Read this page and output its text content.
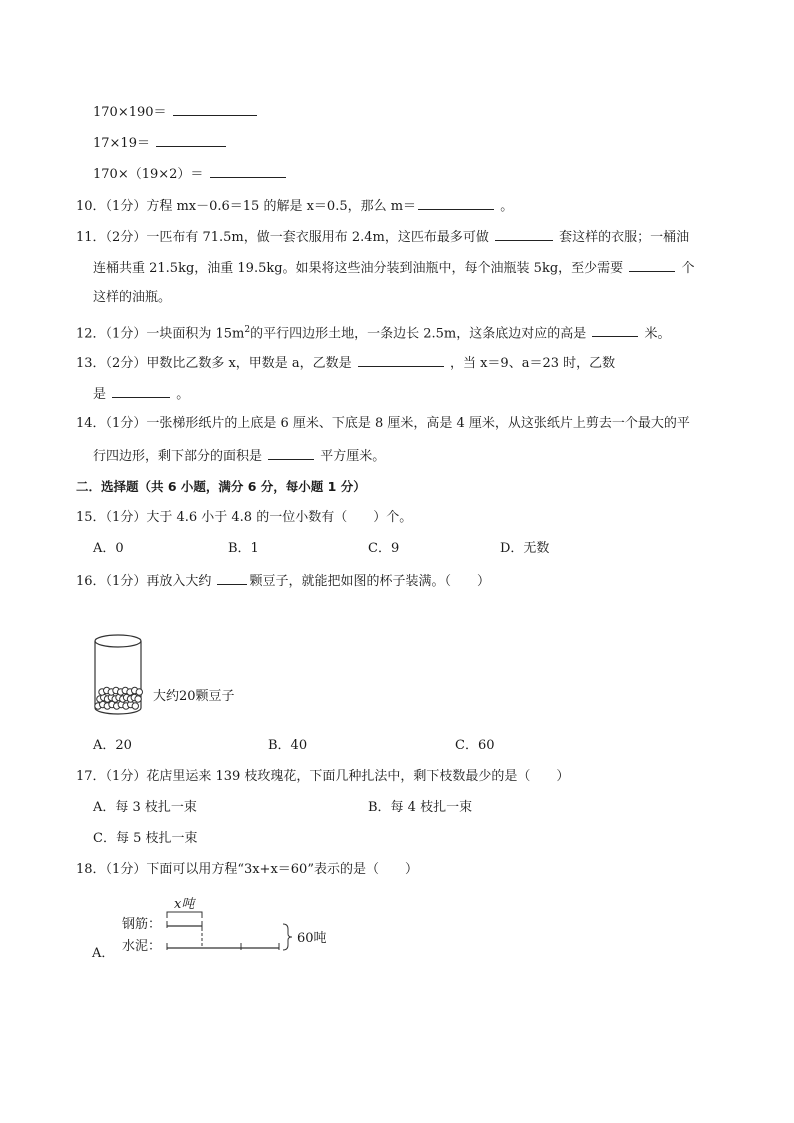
170×190＝
17×19＝
170×（19×2）＝
10．（1分）方程 mx－0.6＝15 的解是 x＝0.5，那么 m＝	。
11．（2分）一匹布有 71.5m，做一套衣服用布 2.4m，这匹布最多可做	套这样的衣服；一桶油
连桶共重 21.5kg，油重 19.5kg。如果将这些油分装到油瓶中，每个油瓶装 5kg，至少需要	个
这样的油瓶。
12．（1分）一块面积为 $15m^2$的平行四边形土地，一条边长 2.5m，这条底边对应的高是	米。
13．（2分）甲数比乙数多 x，甲数是 a，乙数是	，当 x＝9、a＝23 时，乙数
是	。
14．（1分）一张梯形纸片的上底是 6 厘米、下底是 8 厘米，高是 4 厘米，从这张纸片上剪去一个最大的平
行四边形，剩下部分的面积是	平方厘米。
二．选择题（共 6 小题，满分 6 分，每小题 1 分）
15．（1分）大于 4.6 小于 4.8 的一位小数有（　　）个。
A．0	B．1	C．9	D．无数
16．（1分）再放入大约	颗豆子，就能把如图的杯子装满。（　　）
大约20颗豆子
A．20	B．40	C．60
17．（1分）花店里运来 139 枝玫瑰花，下面几种扎法中，剩下枝数最少的是（　　）
A．每 3 枝扎一束	B．每 4 枝扎一束
C．每 5 枝扎一束
18．（1分）下面可以用方程“3x+x＝60”表示的是（　　）
A．
x吨
钢筋：
水泥：
60吨
